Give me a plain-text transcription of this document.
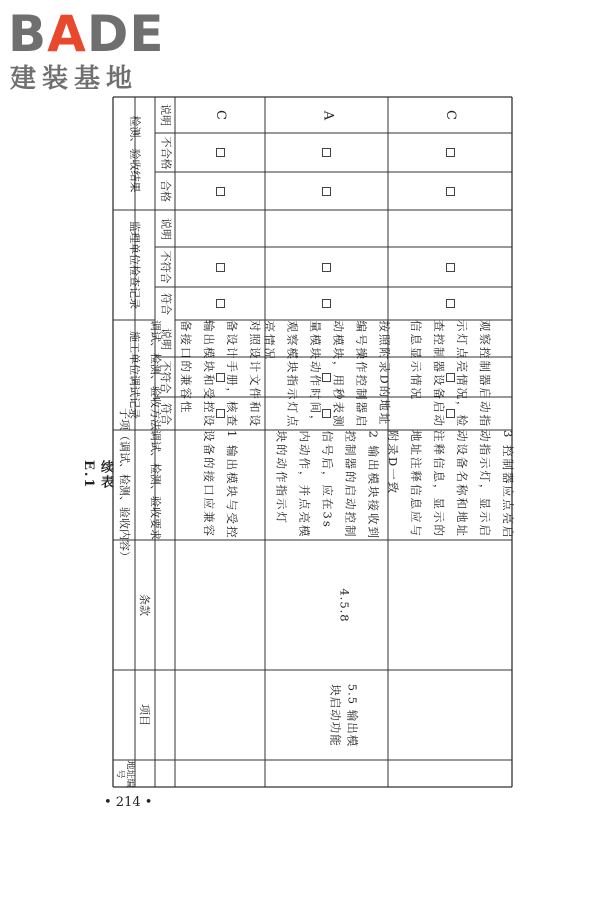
BADE
建装基地
续表 E.1
地址编号
项目
条款
子项（调试、检测、验收内容） 调试、检测、验收要求
调试、检测、验收方法
施工单位调试记录
监理单位检查记录
检测、验收结果
符合
不符合
说明
符合
不符合
说明
合格
不合格
说明
5.5 输出模块启动功能
4.5.8
1 输出模块与受控设备的接口应兼容
对照设计文件和设备设计手册，核查输出模块和受控设备接口的兼容性
2 输出模块接收到控制器的启动控制信号后，应在3s内动作，并点亮模块的动作指示灯
按照附录D的地址编号操作控制器启动模块，用秒表测量模块动作时间，观察模块指示灯点亮情况
3 控制器应点亮启动指示灯，显示启动设备名称和地址注释信息，显示的地址注释信息应与附录D一致
观察控制器启动指示灯点亮情况，检查控制器设备启动信息显示情况
C	A	C
• 214 •
